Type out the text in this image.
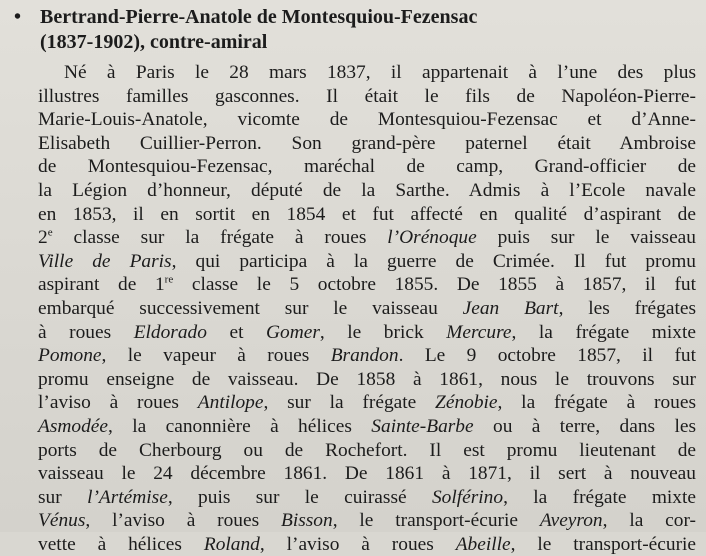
• Bertrand-Pierre-Anatole de Montesquiou-Fezensac
(1837-1902), contre-amiral
Né à Paris le 28 mars 1837, il appartenait à l’une des plus
illustres familles gasconnes. Il était le fils de Napoléon-Pierre-
Marie-Louis-Anatole, vicomte de Montesquiou-Fezensac et d’Anne-
Elisabeth Cuillier-Perron. Son grand-père paternel était Ambroise
de Montesquiou-Fezensac, maréchal de camp, Grand-officier de
la Légion d’honneur, député de la Sarthe. Admis à l’Ecole navale
en 1853, il en sortit en 1854 et fut affecté en qualité d’aspirant de
2e classe sur la frégate à roues l’Orénoque puis sur le vaisseau
Ville de Paris, qui participa à la guerre de Crimée. Il fut promu
aspirant de 1re classe le 5 octobre 1855. De 1855 à 1857, il fut
embarqué successivement sur le vaisseau Jean Bart, les frégates
à roues Eldorado et Gomer, le brick Mercure, la frégate mixte
Pomone, le vapeur à roues Brandon. Le 9 octobre 1857, il fut
promu enseigne de vaisseau. De 1858 à 1861, nous le trouvons sur
l’aviso à roues Antilope, sur la frégate Zénobie, la frégate à roues
Asmodée, la canonnière à hélices Sainte-Barbe ou à terre, dans les
ports de Cherbourg ou de Rochefort. Il est promu lieutenant de
vaisseau le 24 décembre 1861. De 1861 à 1871, il sert à nouveau
sur l’Artémise, puis sur le cuirassé Solférino, la frégate mixte
Vénus, l’aviso à roues Bisson, le transport-écurie Aveyron, la cor-
vette à hélices Roland, l’aviso à roues Abeille, le transport-écurie
